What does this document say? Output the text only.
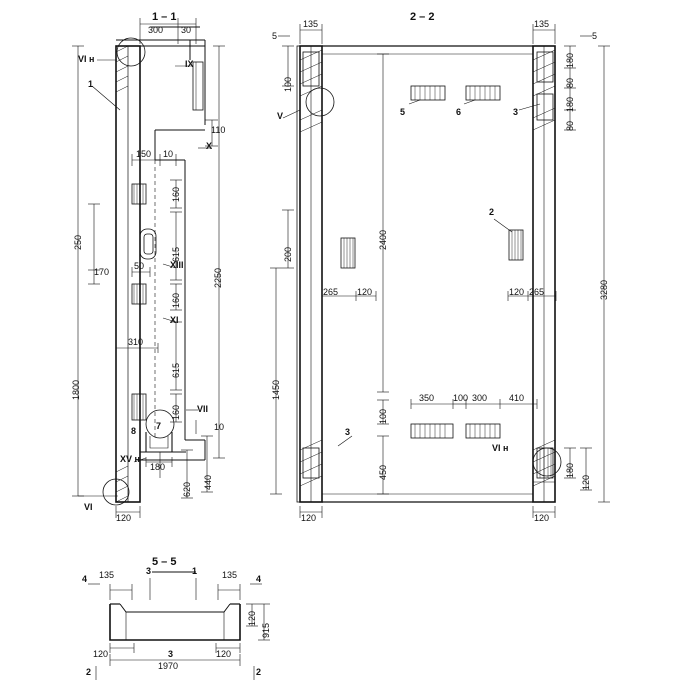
1 – 1	2 – 2
5 – 5
300 30
110
VI н	IX
X
XIII
XI
VII
XV н
VI
1
8 7
250
170
1800
150 10
160
615
50
160
615
310
160
180
620
120
10
440
2250
5
135	135
5
100
200
2400
1450
100
450
120	120
180
80
180
80
3280
180
120
265 120	120 265
350 100 300 410
5	6	3
2
3
V
VI н
4 135	3	1	135 4
120	120
915
120
3
1970
2	2
